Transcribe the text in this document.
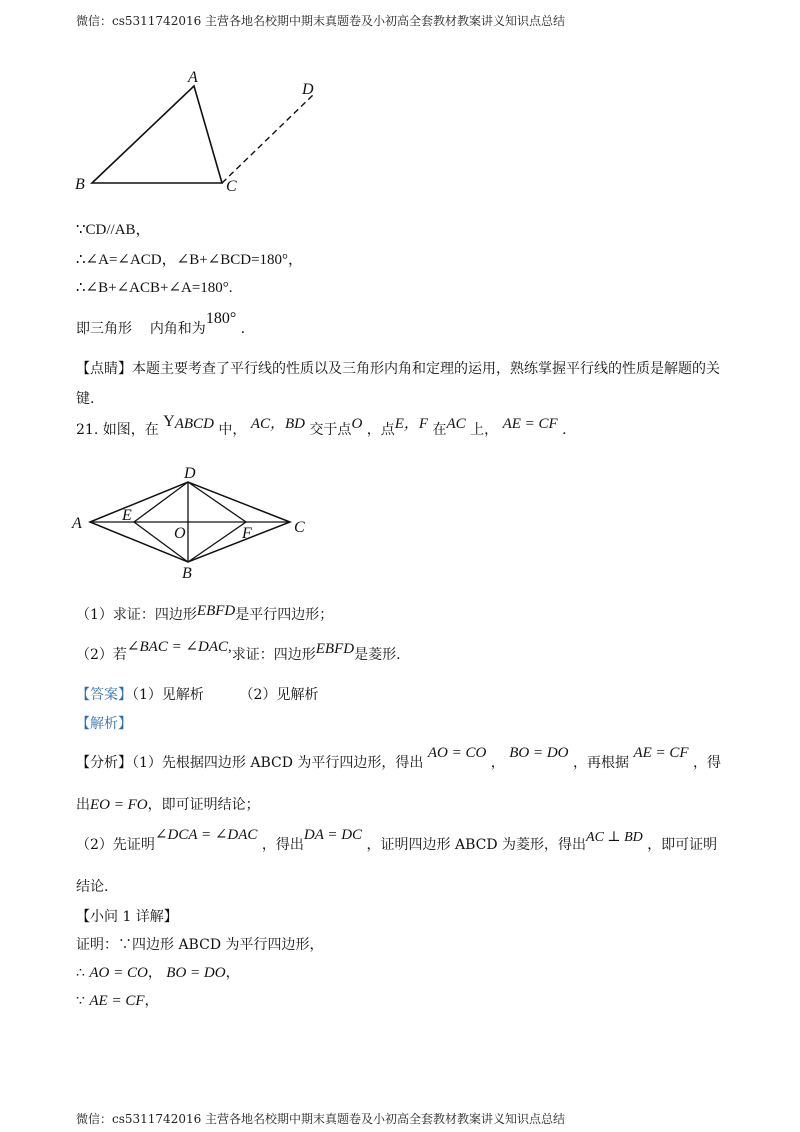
微信：cs5311742016 主营各地名校期中期末真题卷及小初高全套教材教案讲义知识点总结
A
B	C
D
∵CD//AB，
∴∠A=∠ACD，∠B+∠BCD=180°，
∴∠B+∠ACB+∠A=180°.
即三角形 内角和为180° .
【点睛】本题主要考查了平行线的性质以及三角形内角和定理的运用，熟练掌握平行线的性质是解题的关
键.
21. 如图，在 YABCD 中， AC，BD 交于点O ，点E，F 在AC 上， AE = CF .
D
A	C
B
E
F
O
（1）求证：四边形EBFD是平行四边形；
（2）若∠BAC = ∠DAC,求证：四边形EBFD是菱形.
【答案】（1）见解析	（2）见解析
【解析】
【分析】（1）先根据四边形 ABCD 为平行四边形，得出 AO = CO ， BO = DO ，再根据 AE = CF ，得
出EO = FO，即可证明结论；
（2）先证明∠DCA = ∠DAC ，得出DA = DC ，证明四边形 ABCD 为菱形，得出AC ⊥ BD ，即可证明
结论.
【小问 1 详解】
证明：∵四边形 ABCD 为平行四边形，
∴ AO = CO， BO = DO，
∵ AE = CF，
微信：cs5311742016 主营各地名校期中期末真题卷及小初高全套教材教案讲义知识点总结
